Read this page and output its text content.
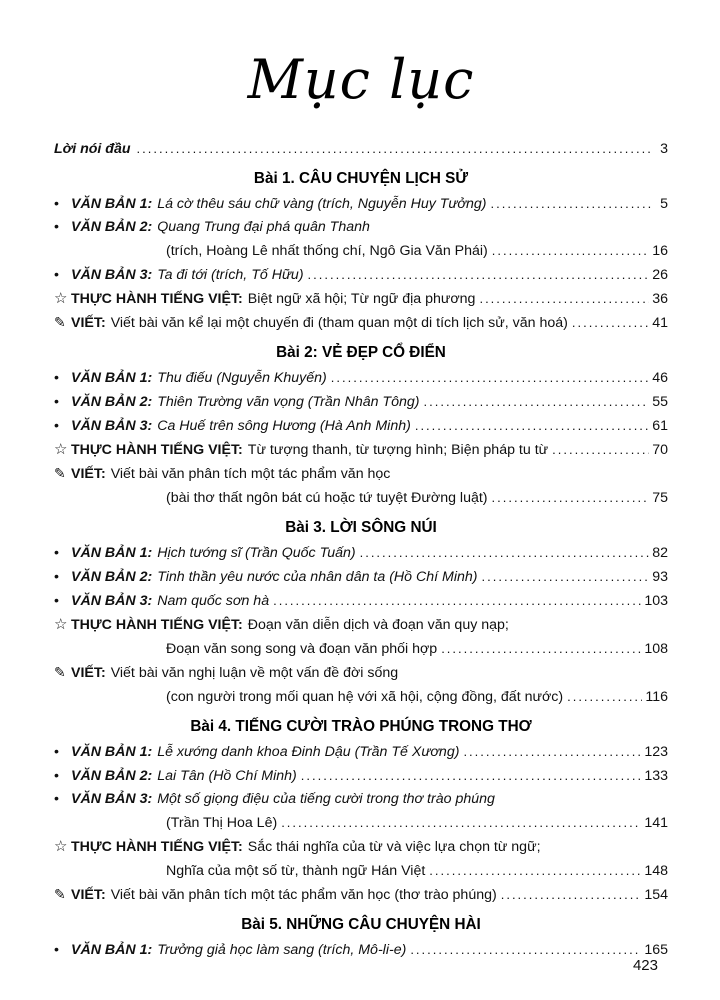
Mục lục
Lời nói đầu .....	3
Bài 1. CÂU CHUYỆN LỊCH SỬ
• VĂN BẢN 1: Lá cờ thêu sáu chữ vàng (trích, Nguyễn Huy Tưởng) .....	5
• VĂN BẢN 2: Quang Trung đại phá quân Thanh
(trích, Hoàng Lê nhất thống chí, Ngô Gia Văn Phái) .....	16
• VĂN BẢN 3: Ta đi tới (trích, Tố Hữu) .....	26
☆ THỰC HÀNH TIẾNG VIỆT: Biệt ngữ xã hội; Từ ngữ địa phương .....	36
✎ VIẾT: Viết bài văn kể lại một chuyến đi (tham quan một di tích lịch sử, văn hoá) .....	41
Bài 2: VẺ ĐẸP CỔ ĐIỂN
• VĂN BẢN 1: Thu điếu (Nguyễn Khuyến) .....	46
• VĂN BẢN 2: Thiên Trường vãn vọng (Trần Nhân Tông) .....	55
• VĂN BẢN 3: Ca Huế trên sông Hương (Hà Anh Minh) .....	61
☆ THỰC HÀNH TIẾNG VIỆT: Từ tượng thanh, từ tượng hình; Biện pháp tu từ .....	70
✎ VIẾT: Viết bài văn phân tích một tác phẩm văn học
(bài thơ thất ngôn bát cú hoặc tứ tuyệt Đường luật) .....	75
Bài 3. LỜI SÔNG NÚI
• VĂN BẢN 1: Hịch tướng sĩ (Trần Quốc Tuấn) .....	82
• VĂN BẢN 2: Tinh thần yêu nước của nhân dân ta (Hồ Chí Minh) .....	93
• VĂN BẢN 3: Nam quốc sơn hà .....	103
☆ THỰC HÀNH TIẾNG VIỆT: Đoạn văn diễn dịch và đoạn văn quy nạp;
Đoạn văn song song và đoạn văn phối hợp .....	108
✎ VIẾT: Viết bài văn nghị luận về một vấn đề đời sống
(con người trong mối quan hệ với xã hội, cộng đồng, đất nước) .....	116
Bài 4. TIẾNG CƯỜI TRÀO PHÚNG TRONG THƠ
• VĂN BẢN 1: Lễ xướng danh khoa Đinh Dậu (Trần Tế Xương) .....	123
• VĂN BẢN 2: Lai Tân (Hồ Chí Minh) .....	133
• VĂN BẢN 3: Một số giọng điệu của tiếng cười trong thơ trào phúng
(Trần Thị Hoa Lê) .....	141
☆ THỰC HÀNH TIẾNG VIỆT: Sắc thái nghĩa của từ và việc lựa chọn từ ngữ;
Nghĩa của một số từ, thành ngữ Hán Việt .....	148
✎ VIẾT: Viết bài văn phân tích một tác phẩm văn học (thơ trào phúng) .....	154
Bài 5. NHỮNG CÂU CHUYỆN HÀI
• VĂN BẢN 1: Trưởng giả học làm sang (trích, Mô-li-e) .....	165
423
